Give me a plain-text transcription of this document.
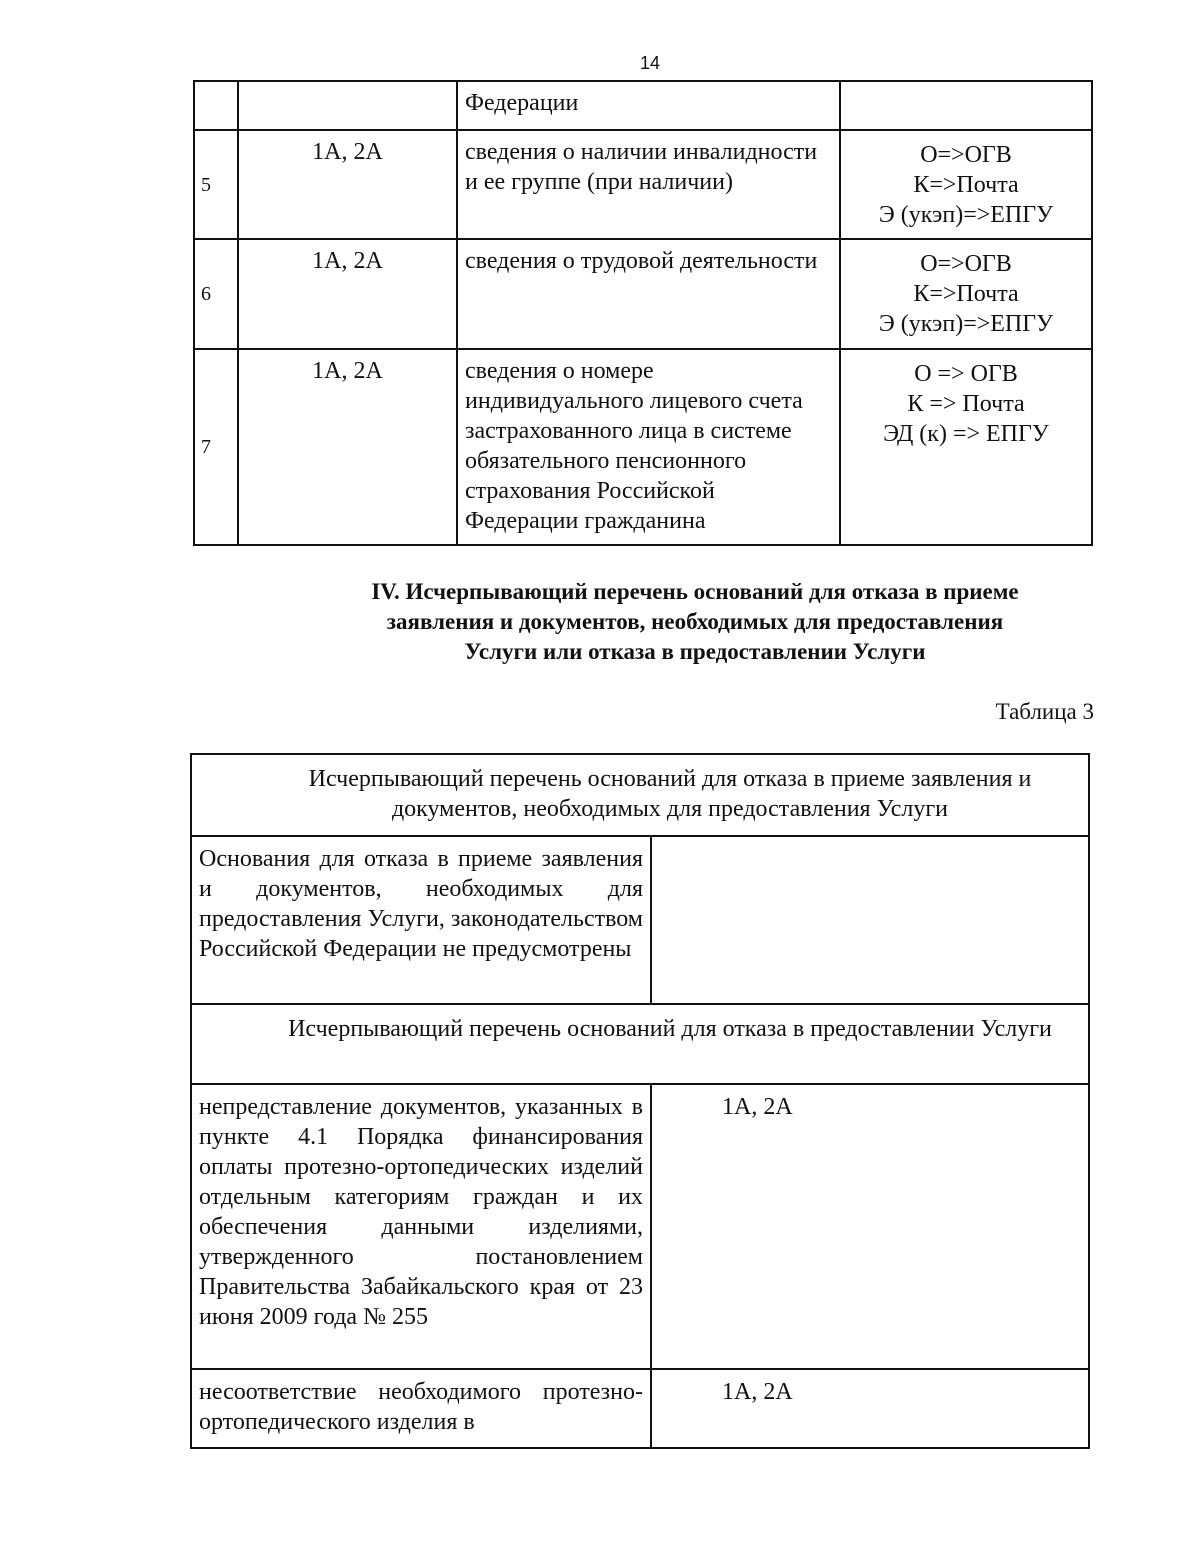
14
		Федерации	
5	1А, 2А	сведения о наличии инвалидности и ее группе (при наличии)	О=>ОГВ
К=>Почта
Э (укэп)=>ЕПГУ
6	1А, 2А	сведения о трудовой деятельности	О=>ОГВ
К=>Почта
Э (укэп)=>ЕПГУ
7	1А, 2А	сведения о номере индивидуального лицевого счета застрахованного лица в системе обязательного пенсионного страхования Российской Федерации гражданина	О => ОГВ
К => Почта
ЭД (к) => ЕПГУ
IV. Исчерпывающий перечень оснований для отказа в приеме
заявления и документов, необходимых для предоставления
Услуги или отказа в предоставлении Услуги
Таблица 3
Исчерпывающий перечень оснований для отказа в приеме заявления и документов, необходимых для предоставления Услуги	
Основания для отказа в приеме заявления и документов, необходимых для предоставления Услуги, законодательством Российской Федерации не предусмотрены	
Исчерпывающий перечень оснований для отказа в предоставлении Услуги	
непредставление документов, указанных в пункте 4.1 Порядка финансирования оплаты протезно-ортопедических изделий отдельным категориям граждан и их обеспечения данными изделиями, утвержденного постановлением Правительства Забайкальского края от 23 июня 2009 года № 255	1А, 2А
несоответствие необходимого протезно-ортопедического изделия в	1А, 2А
